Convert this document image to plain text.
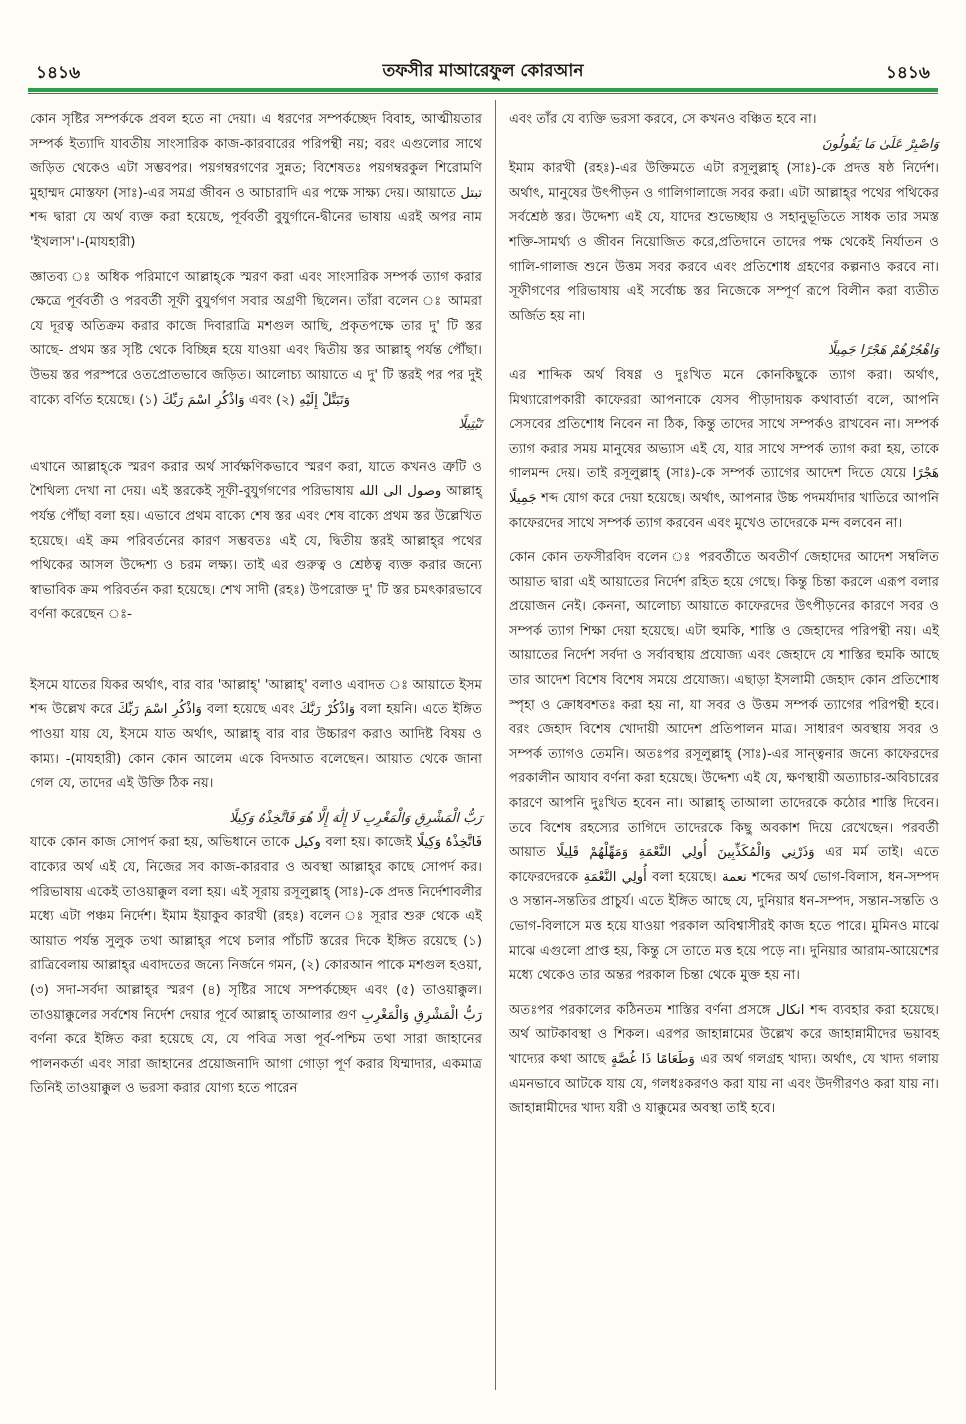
১৪১৬	তফসীর মাআরেফুল কোরআন	১৪১৬

কোন সৃষ্টির সম্পর্ককে প্রবল হতে না দেয়া। এ ধরণের সম্পর্কচ্ছেদ বিবাহ, আত্মীয়তার সম্পর্ক ইত্যাদি যাবতীয় সাংসারিক কাজ-কারবারের পরিপন্থী নয়; বরং এগুলোর সাথে জড়িত থেকেও এটা সম্ভবপর। পয়গম্বরগণের সুন্নত; বিশেষতঃ পয়গম্বরকুল শিরোমণি মুহাম্মদ মোস্তফা (সাঃ)-এর সমগ্র জীবন ও আচারাদি এর পক্ষে সাক্ষ্য দেয়। আয়াতে تبتل শব্দ দ্বারা যে অর্থ ব্যক্ত করা হয়েছে, পূর্ববর্তী বুযুর্গানে-দ্বীনের ভাষায় এরই অপর নাম 'ইখলাস'।-(মাযহারী)

জ্ঞাতব্য ঃ অধিক পরিমাণে আল্লাহ্‌কে স্মরণ করা এবং সাংসারিক সম্পর্ক ত্যাগ করার ক্ষেত্রে পূর্ববর্তী ও পরবর্তী সূফী বুযুর্গগণ সবার অগ্রণী ছিলেন। তাঁরা বলেন ঃ আমরা যে দূরত্ব অতিক্রম করার কাজে দিবারাত্রি মশগুল আছি, প্রকৃতপক্ষে তার দু' টি স্তর আছে- প্রথম স্তর সৃষ্টি থেকে বিচ্ছিন্ন হয়ে যাওয়া এবং দ্বিতীয় স্তর আল্লাহ্ পর্যন্ত পৌঁছা। উভয় স্তর পরস্পরে ওতপ্রোতভাবে জড়িত। আলোচ্য আয়াতে এ দু' টি স্তরই পর পর দুই বাক্যে বর্ণিত হয়েছে। (১) وَاذْكُرِ اسْمَ رَبِّكَ এবং (২) وَتَبَتَّلْ إِلَيْهِ

تَبْتِيلًا

এখানে আল্লাহ্‌কে স্মরণ করার অর্থ সার্বক্ষণিকভাবে স্মরণ করা, যাতে কখনও ত্রুটি ও শৈথিল্য দেখা না দেয়। এই স্তরকেই সূফী-বুযুর্গগণের পরিভাষায় وصول الى الله আল্লাহ্ পর্যন্ত পৌঁছা বলা হয়। এভাবে প্রথম বাক্যে শেষ স্তর এবং শেষ বাক্যে প্রথম স্তর উল্লেখিত হয়েছে। এই ক্রম পরিবর্তনের কারণ সম্ভবতঃ এই যে, দ্বিতীয় স্তরই আল্লাহ্‌র পথের পথিকের আসল উদ্দেশ্য ও চরম লক্ষ্য। তাই এর গুরুত্ব ও শ্রেষ্ঠত্ব ব্যক্ত করার জন্যে স্বাভাবিক ক্রম পরিবর্তন করা হয়েছে। শেখ সাদী (রহঃ) উপরোক্ত দু' টি স্তর চমৎকারভাবে বর্ণনা করেছেন ঃ-

ইসমে যাতের যিকর অর্থাৎ, বার বার 'আল্লাহ্' 'আল্লাহ্' বলাও এবাদত ঃ আয়াতে ইসম শব্দ উল্লেখ করে وَاذْكُرِ اسْمَ رَبِّكَ বলা হয়েছে এবং وَاذْكُرْ رَبَّكَ বলা হয়নি। এতে ইঙ্গিত পাওয়া যায় যে, ইসমে যাত অর্থাৎ, আল্লাহ্ বার বার উচ্চারণ করাও আদিষ্ট বিষয় ও কাম্য। -(মাযহারী) কোন কোন আলেম একে বিদআত বলেছেন। আয়াত থেকে জানা গেল যে, তাদের এই উক্তি ঠিক নয়।

رَبُّ الْمَشْرِقِ وَالْمَغْرِبِ لَا إِلَٰهَ إِلَّا هُوَ فَاتَّخِذْهُ وَكِيلًا

যাকে কোন কাজ সোপর্দ করা হয়, অভিধানে তাকে وكيل বলা হয়। কাজেই فَاتَّخِذْهُ وَكِيلًا বাক্যের অর্থ এই যে, নিজের সব কাজ-কারবার ও অবস্থা আল্লাহ্‌র কাছে সোপর্দ কর। পরিভাষায় একেই তাওয়াক্কুল বলা হয়। এই সূরায় রসূলুল্লাহ্ (সাঃ)-কে প্রদত্ত নির্দেশাবলীর মধ্যে এটা পঞ্চম নির্দেশ। ইমাম ইয়াকুব কারখী (রহঃ) বলেন ঃ সূরার শুরু থেকে এই আয়াত পর্যন্ত সুলুক তথা আল্লাহ্‌র পথে চলার পাঁচটি স্তরের দিকে ইঙ্গিত রয়েছে (১) রাত্রিবেলায় আল্লাহ্‌র এবাদতের জন্যে নির্জনে গমন, (২) কোরআন পাকে মশগুল হওয়া, (৩) সদা-সর্বদা আল্লাহ্‌র স্মরণ (৪) সৃষ্টির সাথে সম্পর্কচ্ছেদ এবং (৫) তাওয়াক্কুল। তাওয়াক্কুলের সর্বশেষ নির্দেশ দেয়ার পূর্বে আল্লাহ্ তাআলার গুণ رَبُّ الْمَشْرِقِ وَالْمَغْرِبِ বর্ণনা করে ইঙ্গিত করা হয়েছে যে, যে পবিত্র সত্তা পূর্ব-পশ্চিম তথা সারা জাহানের পালনকর্তা এবং সারা জাহানের প্রয়োজনাদি আগা গোড়া পূর্ণ করার যিম্মাদার, একমাত্র তিনিই তাওয়াক্কুল ও ভরসা করার যোগ্য হতে পারেন

এবং তাঁর যে ব্যক্তি ভরসা করবে, সে কখনও বঞ্চিত হবে না।

وَاصْبِرْ عَلَىٰ مَا يَقُولُونَ

ইমাম কারখী (রহঃ)-এর উক্তিমতে এটা রসূলুল্লাহ্ (সাঃ)-কে প্রদত্ত ষষ্ঠ নির্দেশ। অর্থাৎ, মানুষের উৎপীড়ন ও গালিগালাজে সবর করা। এটা আল্লাহ্‌র পথের পথিকের সর্বশ্রেষ্ঠ স্তর। উদ্দেশ্য এই যে, যাদের শুভেচ্ছায় ও সহানুভূতিতে সাধক তার সমস্ত শক্তি-সামর্থ্য ও জীবন নিয়োজিত করে,প্রতিদানে তাদের পক্ষ থেকেই নির্যাতন ও গালি-গালাজ শুনে উত্তম সবর করবে এবং প্রতিশোধ গ্রহণের কল্পনাও করবে না। সূফীগণের পরিভাষায় এই সর্বোচ্চ স্তর নিজেকে সম্পূর্ণ রূপে বিলীন করা ব্যতীত অর্জিত হয় না।

وَاهْجُرْهُمْ هَجْرًا جَمِيلًا

এর শাব্দিক অর্থ বিষণ্ণ ও দুঃখিত মনে কোনকিছুকে ত্যাগ করা। অর্থাৎ, মিথ্যারোপকারী কাফেররা আপনাকে যেসব পীড়াদায়ক কথাবার্তা বলে, আপনি সেসবের প্রতিশোধ নিবেন না ঠিক, কিন্তু তাদের সাথে সম্পর্কও রাখবেন না। সম্পর্ক ত্যাগ করার সময় মানুষের অভ্যাস এই যে, যার সাথে সম্পর্ক ত্যাগ করা হয়, তাকে গালমন্দ দেয়। তাই রসূলুল্লাহ্ (সাঃ)-কে সম্পর্ক ত্যাগের আদেশ দিতে যেয়ে هَجْرًا جَمِيلًا শব্দ যোগ করে দেয়া হয়েছে। অর্থাৎ, আপনার উচ্চ পদমর্যাদার খাতিরে আপনি কাফেরদের সাথে সম্পর্ক ত্যাগ করবেন এবং মুখেও তাদেরকে মন্দ বলবেন না।

কোন কোন তফসীরবিদ বলেন ঃ পরবর্তীতে অবতীর্ণ জেহাদের আদেশ সম্বলিত আয়াত দ্বারা এই আয়াতের নির্দেশ রহিত হয়ে গেছে। কিন্তু চিন্তা করলে এরূপ বলার প্রয়োজন নেই। কেননা, আলোচ্য আয়াতে কাফেরদের উৎপীড়নের কারণে সবর ও সম্পর্ক ত্যাগ শিক্ষা দেয়া হয়েছে। এটা হুমকি, শাস্তি ও জেহাদের পরিপন্থী নয়। এই আয়াতের নির্দেশ সর্বদা ও সর্বাবস্থায় প্রযোজ্য এবং জেহাদে যে শাস্তির হুমকি আছে তার আদেশ বিশেষ বিশেষ সময়ে প্রযোজ্য। এছাড়া ইসলামী জেহাদ কোন প্রতিশোধ স্পৃহা ও ক্রোধবশতঃ করা হয় না, যা সবর ও উত্তম সম্পর্ক ত্যাগের পরিপন্থী হবে। বরং জেহাদ বিশেষ খোদায়ী আদেশ প্রতিপালন মাত্র। সাধারণ অবস্থায় সবর ও সম্পর্ক ত্যাগও তেমনি। অতঃপর রসূলুল্লাহ্ (সাঃ)-এর সান্ত্বনার জন্যে কাফেরদের পরকালীন আযাব বর্ণনা করা হয়েছে। উদ্দেশ্য এই যে, ক্ষণস্থায়ী অত্যাচার-অবিচারের কারণে আপনি দুঃখিত হবেন না। আল্লাহ্ তাআলা তাদেরকে কঠোর শাস্তি দিবেন। তবে বিশেষ রহস্যের তাগিদে তাদেরকে কিছু অবকাশ দিয়ে রেখেছেন। পরবর্তী আয়াত وَذَرْنِي وَالْمُكَذِّبِينَ أُولِي النَّعْمَةِ وَمَهِّلْهُمْ قَلِيلًا এর মর্ম তাই। এতে কাফেরদেরকে أُولِي النَّعْمَةِ বলা হয়েছে। نعمة শব্দের অর্থ ভোগ-বিলাস, ধন-সম্পদ ও সন্তান-সন্ততির প্রাচুর্য। এতে ইঙ্গিত আছে যে, দুনিয়ার ধন-সম্পদ, সন্তান-সন্ততি ও ভোগ-বিলাসে মত্ত হয়ে যাওয়া পরকাল অবিশ্বাসীরই কাজ হতে পারে। মুমিনও মাঝে মাঝে এগুলো প্রাপ্ত হয়, কিন্তু সে তাতে মত্ত হয়ে পড়ে না। দুনিয়ার আরাম-আয়েশের মধ্যে থেকেও তার অন্তর পরকাল চিন্তা থেকে মুক্ত হয় না।

অতঃপর পরকালের কঠিনতম শাস্তির বর্ণনা প্রসঙ্গে انكال শব্দ ব্যবহার করা হয়েছে। অর্থ আটকাবস্থা ও শিকল। এরপর জাহান্নামের উল্লেখ করে জাহান্নামীদের ভয়াবহ খাদ্যের কথা আছে وَطَعَامًا ذَا غُصَّةٍ এর অর্থ গলগ্রহ খাদ্য। অর্থাৎ, যে খাদ্য গলায় এমনভাবে আটকে যায় যে, গলধঃকরণও করা যায় না এবং উদগীরণও করা যায় না। জাহান্নামীদের খাদ্য যরী ও যাক্কুমের অবস্থা তাই হবে।
